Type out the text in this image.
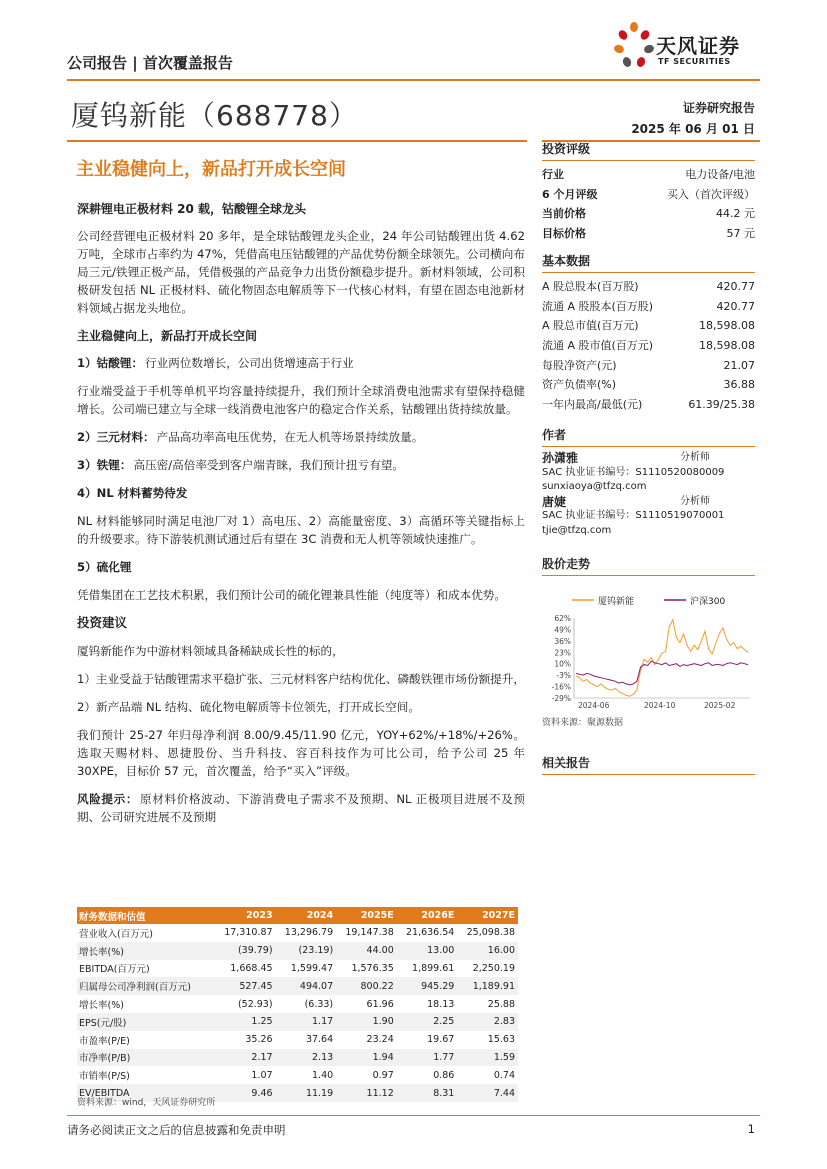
公司报告 | 首次覆盖报告
天风证券
TF SECURITIES
厦钨新能（688778）	证券研究报告
2025 年 06 月 01 日
主业稳健向上，新品打开成长空间
深耕锂电正极材料 20 载，钴酸锂全球龙头

公司经营锂电正极材料 20 多年，是全球钴酸锂龙头企业，24 年公司钴酸锂出货 4.62 万吨，全球市占率约为 47%，凭借高电压钴酸锂的产品优势份额全球领先。公司横向布局三元/铁锂正极产品，凭借极强的产品竞争力出货份额稳步提升。新材料领域，公司积极研发包括 NL 正极材料、硫化物固态电解质等下一代核心材料，有望在固态电池新材料领域占据龙头地位。

主业稳健向上，新品打开成长空间

1）钴酸锂： 行业两位数增长，公司出货增速高于行业

行业端受益于手机等单机平均容量持续提升，我们预计全球消费电池需求有望保持稳健增长。公司端已建立与全球一线消费电池客户的稳定合作关系，钴酸锂出货持续放量。

2）三元材料： 产品高功率高电压优势，在无人机等场景持续放量。

3）铁锂： 高压密/高倍率受到客户端青睐，我们预计扭亏有望。

4）NL 材料蓄势待发

NL 材料能够同时满足电池厂对 1）高电压、2）高能量密度、3）高循环等关键指标上的升级要求。待下游装机测试通过后有望在 3C 消费和无人机等领域快速推广。

5）硫化锂

凭借集团在工艺技术积累，我们预计公司的硫化锂兼具性能（纯度等）和成本优势。

投资建议

厦钨新能作为中游材料领域具备稀缺成长性的标的，

1）主业受益于钴酸锂需求平稳扩张、三元材料客户结构优化、磷酸铁锂市场份额提升，

2）新产品端 NL 结构、硫化物电解质等卡位领先，打开成长空间。

我们预计 25-27 年归母净利润 8.00/9.45/11.90 亿元，YOY+62%/+18%/+26%。选取天赐材料、恩捷股份、当升科技、容百科技作为可比公司，给予公司 25 年 30XPE，目标价 57 元，首次覆盖，给予“买入”评级。

风险提示： 原材料价格波动、下游消费电子需求不及预期、NL 正极项目进展不及预期、公司研究进展不及预期

投资评级
行业	电力设备/电池
6 个月评级	买入（首次评级）
当前价格	44.2 元
目标价格	57 元
基本数据
A 股总股本(百万股)	420.77
流通 A 股股本(百万股)	420.77
A 股总市值(百万元)	18,598.08
流通 A 股市值(百万元)	18,598.08
每股净资产(元)	21.07
资产负债率(%)	36.88
一年内最高/最低(元)	61.39/25.38
作者
孙潇雅	分析师
SAC 执业证书编号：S1110520080009
sunxiaoya@tfzq.com
唐婕	分析师
SAC 执业证书编号：S1110519070001
tjie@tfzq.com
股价走势
厦钨新能	沪深300
62%
49%
36%
23%
10%
-3%
-16%
-29%
2024-06	2024-10	2025-02
资料来源：聚源数据
相关报告
财务数据和估值	2023	2024	2025E	2026E	2027E
营业收入(百万元)	17,310.87	13,296.79	19,147.38	21,636.54	25,098.38
增长率(%)	(39.79)	(23.19)	44.00	13.00	16.00
EBITDA(百万元)	1,668.45	1,599.47	1,576.35	1,899.61	2,250.19
归属母公司净利润(百万元)	527.45	494.07	800.22	945.29	1,189.91
增长率(%)	(52.93)	(6.33)	61.96	18.13	25.88
EPS(元/股)	1.25	1.17	1.90	2.25	2.83
市盈率(P/E)	35.26	37.64	23.24	19.67	15.63
市净率(P/B)	2.17	2.13	1.94	1.77	1.59
市销率(P/S)	1.07	1.40	0.97	0.86	0.74
EV/EBITDA	9.46	11.19	11.12	8.31	7.44
资料来源：wind，天风证券研究所
请务必阅读正文之后的信息披露和免责申明	1
